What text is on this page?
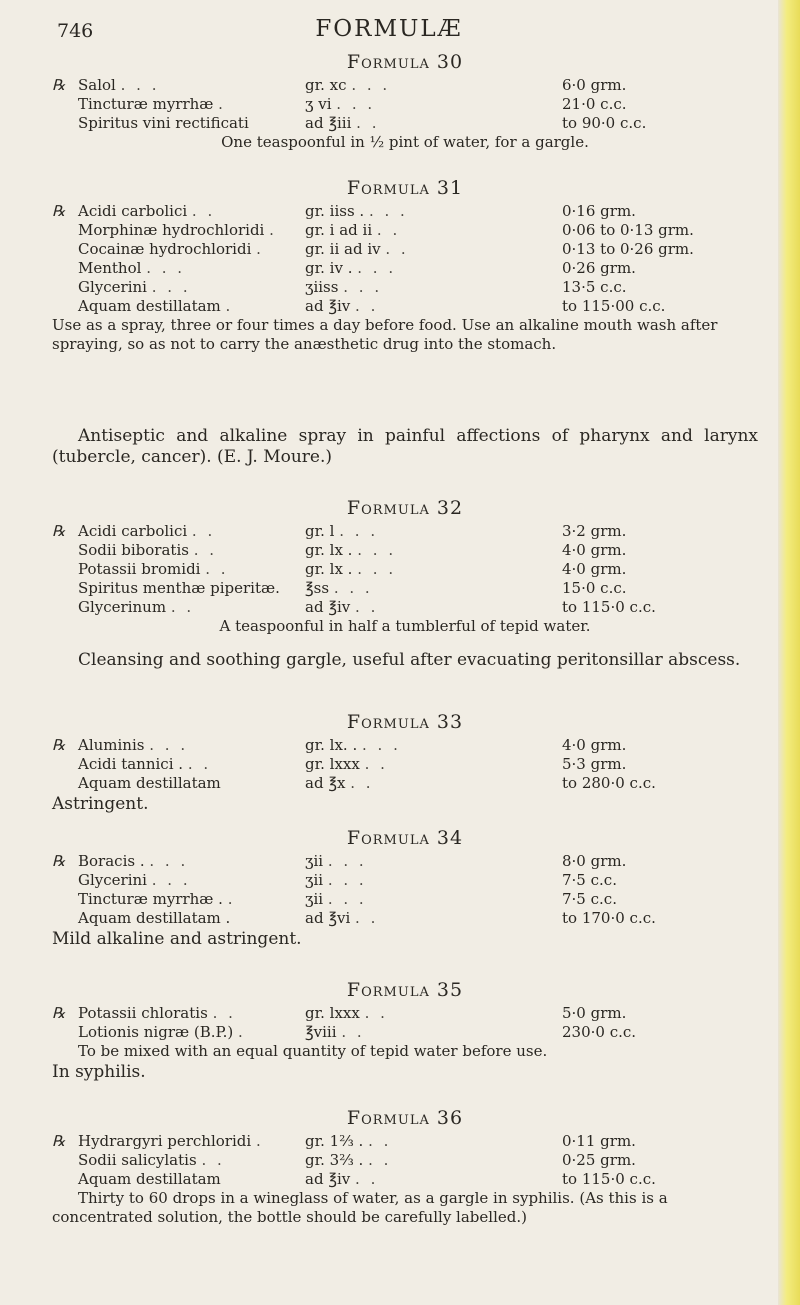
746	FORMULÆ
Formula 30
℞ Salol . . .	gr. xc . . .	6·0 grm.
Tincturæ myrrhæ .	ʒ vi . . .	21·0 c.c.
Spiritus vini rectificati	ad ℥iii . .	to 90·0 c.c.
One teaspoonful in ½ pint of water, for a gargle.
Formula 31
℞ Acidi carbolici . .	gr. iiss . . . .	0·16 grm.
Morphinæ hydrochloridi . gr. i ad ii . .	0·06 to 0·13 grm.
Cocainæ hydrochloridi .	gr. ii ad iv . .	0·13 to 0·26 grm.
Menthol . . .	gr. iv . . . .	0·26 grm.
Glycerini . . .	ʒiiss . . .	13·5 c.c.
Aquam destillatam .	ad ℥iv . .	to 115·00 c.c.
Use as a spray, three or four times a day before food. Use an alkaline mouth wash after spraying, so as not to carry the anæsthetic drug into the stomach.
Antiseptic and alkaline spray in painful affections of pharynx and larynx (tubercle, cancer). (E. J. Moure.)
Formula 32
℞ Acidi carbolici . .	gr. l . . .	3·2 grm.
Sodii biboratis . .	gr. lx . . . .	4·0 grm.
Potassii bromidi . .	gr. lx . . . .	4·0 grm.
Spiritus menthæ piperitæ. ℥ss . . .	15·0 c.c.
Glycerinum . .	ad ℥iv . .	to 115·0 c.c.
A teaspoonful in half a tumblerful of tepid water.
Cleansing and soothing gargle, useful after evacuating peritonsillar abscess.
Formula 33
℞ Aluminis . . .	gr. lx. . . . .	4·0 grm.
Acidi tannici . . .	gr. lxxx . .	5·3 grm.
Aquam destillatam	ad ℥x . .	to 280·0 c.c.
Astringent.
Formula 34
℞ Boracis . . . .	ʒii . . .	8·0 grm.
Glycerini . . .	ʒii . . .	7·5 c.c.
Tincturæ myrrhæ . .	ʒii . . .	7·5 c.c.
Aquam destillatam .	ad ℥vi . .	to 170·0 c.c.
Mild alkaline and astringent.
Formula 35
℞ Potassii chloratis . .	gr. lxxx . .	5·0 grm.
Lotionis nigræ (B.P.) .	℥viii . .	230·0 c.c.
To be mixed with an equal quantity of tepid water before use.
In syphilis.
Formula 36
℞ Hydrargyri perchloridi .	gr. 1⅔ . . .	0·11 grm.
Sodii salicylatis . .	gr. 3⅔ . . .	0·25 grm.
Aquam destillatam	ad ℥iv . .	to 115·0 c.c.
Thirty to 60 drops in a wineglass of water, as a gargle in syphilis. (As this is a concentrated solution, the bottle should be carefully labelled.)
